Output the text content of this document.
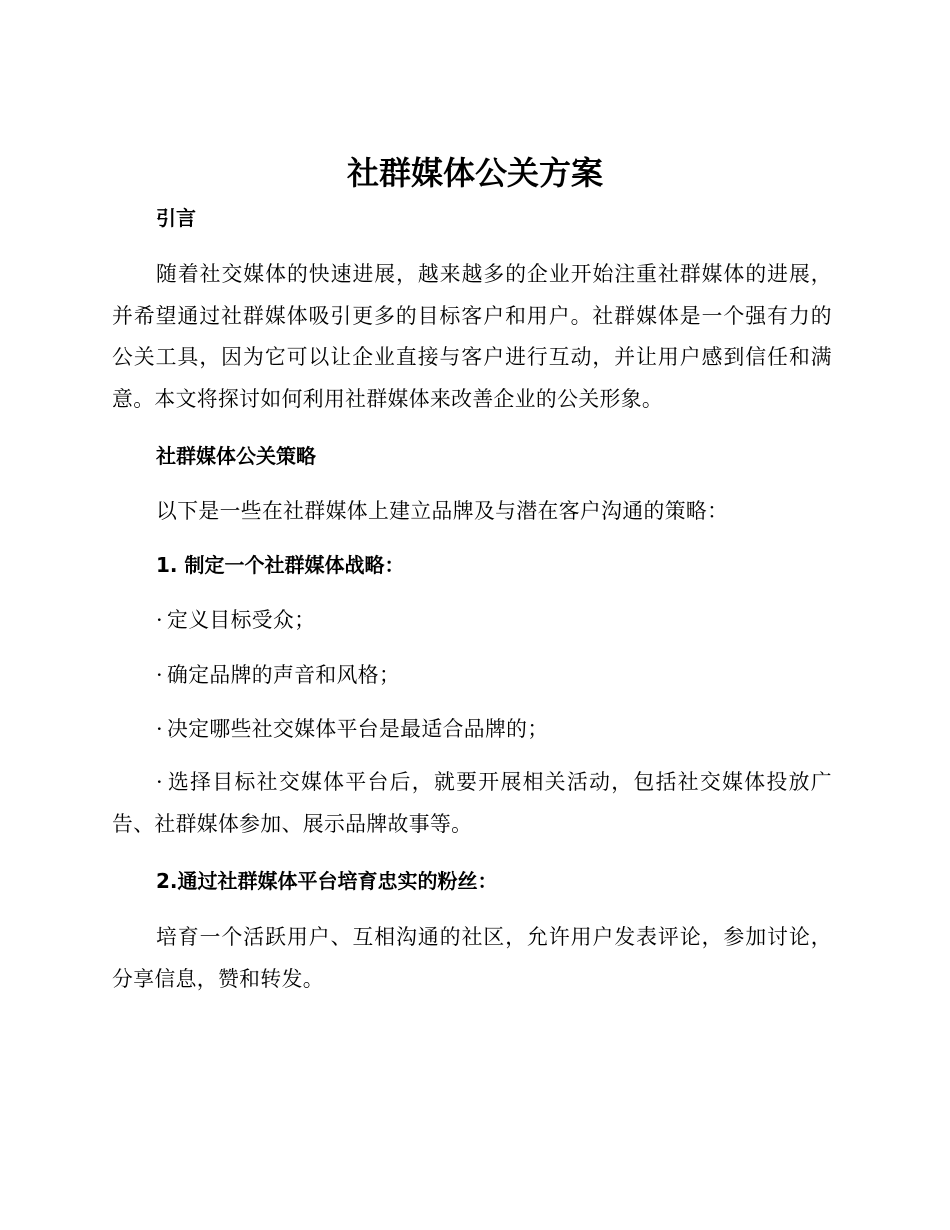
社群媒体公关方案
引言

随着社交媒体的快速进展，越来越多的企业开始注重社群媒体的进展，并希望通过社群媒体吸引更多的目标客户和用户。社群媒体是一个强有力的公关工具，因为它可以让企业直接与客户进行互动，并让用户感到信任和满意。本文将探讨如何利用社群媒体来改善企业的公关形象。

社群媒体公关策略

以下是一些在社群媒体上建立品牌及与潜在客户沟通的策略：

1. 制定一个社群媒体战略：

· 定义目标受众；

· 确定品牌的声音和风格；

· 决定哪些社交媒体平台是最适合品牌的；

· 选择目标社交媒体平台后，就要开展相关活动，包括社交媒体投放广告、社群媒体参加、展示品牌故事等。

2.通过社群媒体平台培育忠实的粉丝：

培育一个活跃用户、互相沟通的社区，允许用户发表评论，参加讨论，分享信息，赞和转发。
